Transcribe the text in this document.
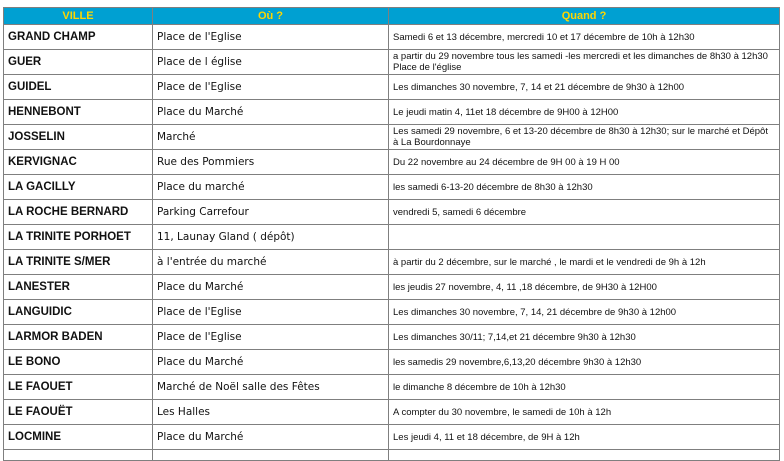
VILLE	Où ?	Quand ?
GRAND CHAMP	Place de l'Eglise	Samedi 6 et 13 décembre, mercredi 10 et 17 décembre de 10h à 12h30
GUER	Place de l église	a partir du 29 novembre tous les samedi -les mercredi et les dimanches de 8h30 à 12h30 Place de l'église
GUIDEL	Place de l'Eglise	Les dimanches 30 novembre, 7, 14 et 21 décembre de 9h30 à 12h00
HENNEBONT	Place du Marché	Le jeudi matin 4, 11et 18 décembre de 9H00 à 12H00
JOSSELIN	Marché	Les samedi 29 novembre, 6 et 13-20 décembre de 8h30 à 12h30; sur le marché et Dépôt à La Bourdonnaye
KERVIGNAC	Rue des Pommiers	Du 22 novembre au 24 décembre de 9H 00 à 19 H 00
LA GACILLY	Place du marché	les samedi 6-13-20 décembre de 8h30 à 12h30
LA ROCHE BERNARD	Parking Carrefour	vendredi 5, samedi 6 décembre
LA TRINITE PORHOET	11, Launay Gland ( dépôt)	
LA TRINITE S/MER	à l'entrée du marché	à partir du 2 décembre, sur le marché , le mardi et le vendredi de 9h à 12h
LANESTER	Place du Marché	les jeudis 27 novembre, 4, 11 ,18 décembre, de 9H30 à 12H00
LANGUIDIC	Place de l'Eglise	Les dimanches 30 novembre, 7, 14, 21 décembre de 9h30 à 12h00
LARMOR BADEN	Place de l'Eglise	Les dimanches 30/11; 7,14,et 21 décembre 9h30 à 12h30
LE BONO	Place du Marché	les samedis 29 novembre,6,13,20 décembre 9h30 à 12h30
LE FAOUET	Marché de Noël salle des Fêtes	le dimanche 8 décembre de 10h à 12h30
LE FAOUËT	Les Halles	A compter du 30 novembre, le samedi de 10h à 12h
LOCMINE	Place du Marché	Les jeudi 4, 11 et 18 décembre, de 9H à 12h
